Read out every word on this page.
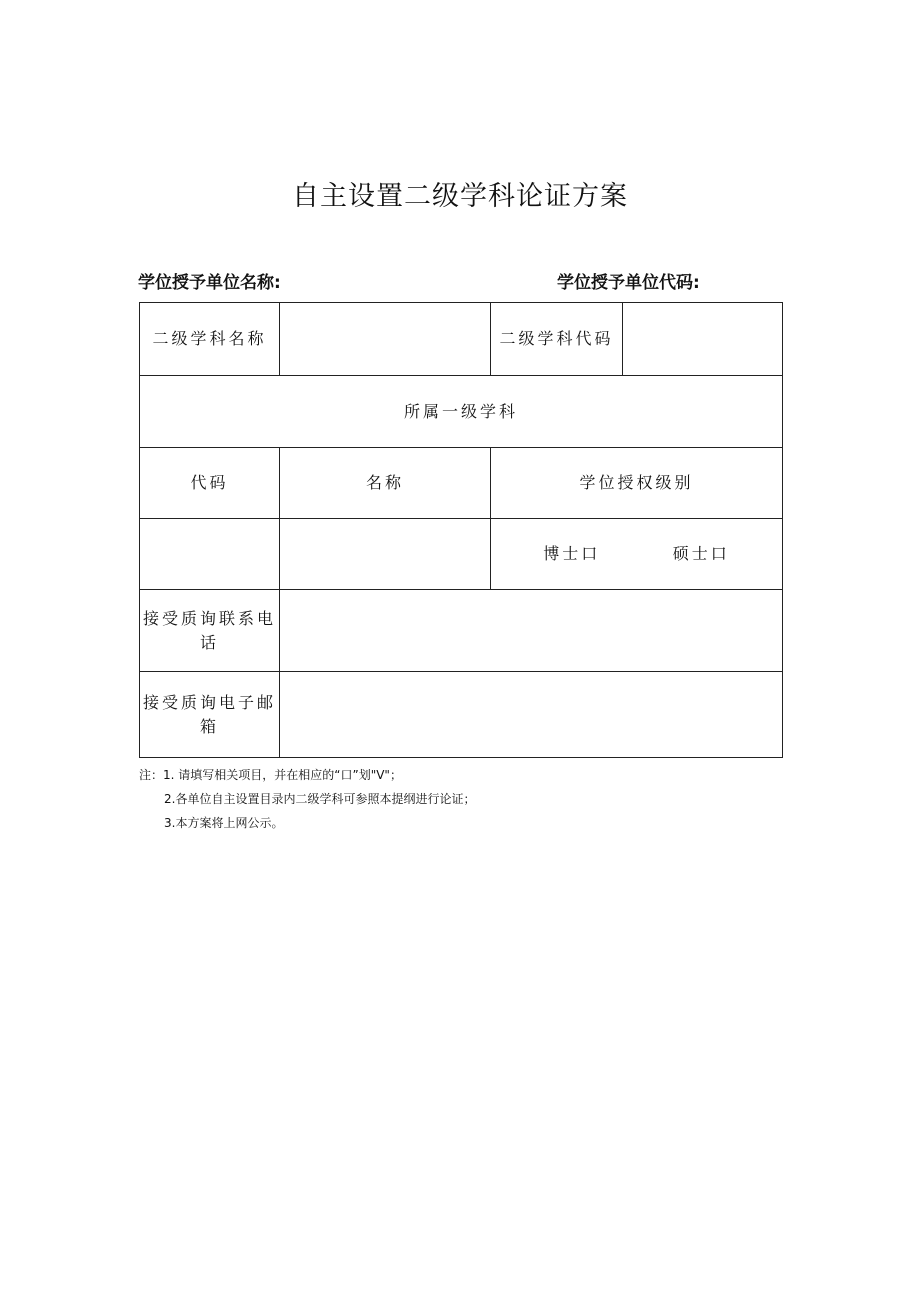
自主设置二级学科论证方案
学位授予单位名称:	学位授予单位代码:
二级学科名称		二级学科代码	
所属一级学科			
代码	名称	学位授权级别	

		博士口 硕士口	

接受质询联系电话			
接受质询电子邮箱			
注：1. 请填写相关项目，并在相应的“口”划"V"；
2.各单位自主设置目录内二级学科可参照本提纲进行论证；
3.本方案将上网公示。
